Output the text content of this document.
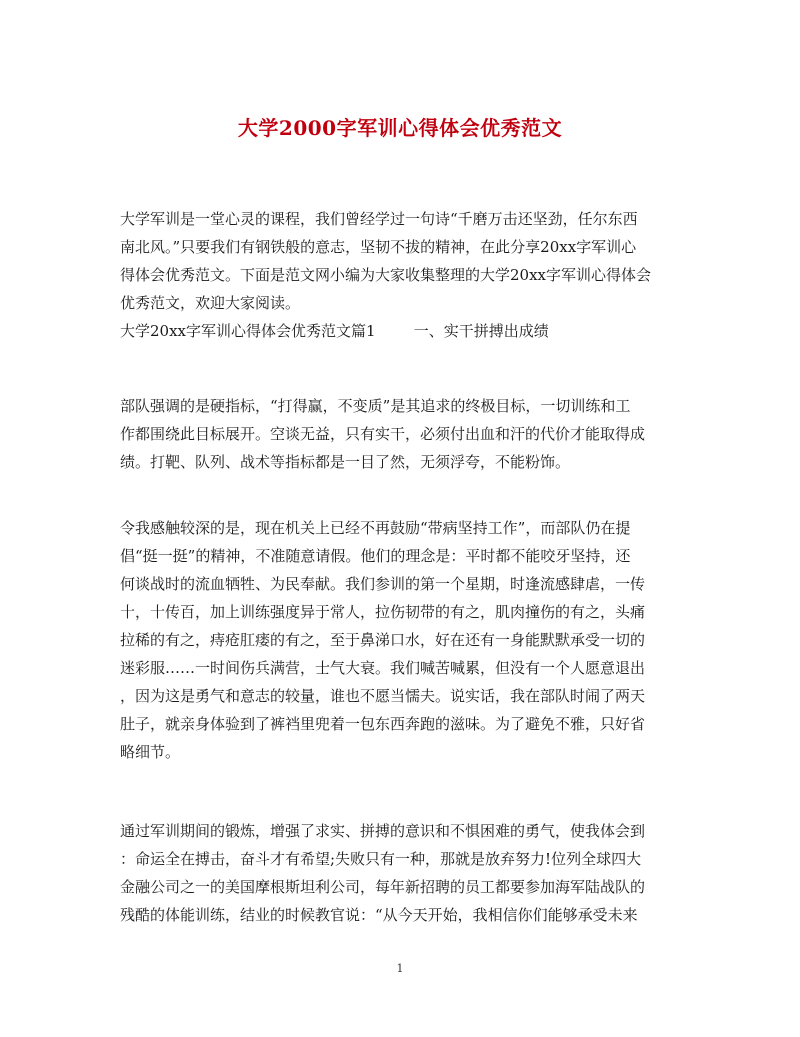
大学2000字军训心得体会优秀范文
大学军训是一堂心灵的课程，我们曾经学过一句诗“千磨万击还坚劲，任尔东西
南北风。”只要我们有钢铁般的意志，坚韧不拔的精神，在此分享20xx字军训心
得体会优秀范文。下面是范文网小编为大家收集整理的大学20xx字军训心得体会
优秀范文，欢迎大家阅读。
大学20xx字军训心得体会优秀范文篇1        一、实干拼搏出成绩
部队强调的是硬指标，“打得赢，不变质”是其追求的终极目标，一切训练和工
作都围绕此目标展开。空谈无益，只有实干，必须付出血和汗的代价才能取得成
绩。打靶、队列、战术等指标都是一目了然，无须浮夸，不能粉饰。
令我感触较深的是，现在机关上已经不再鼓励“带病坚持工作”，而部队仍在提
倡“挺一挺”的精神，不准随意请假。他们的理念是：平时都不能咬牙坚持，还
何谈战时的流血牺牲、为民奉献。我们参训的第一个星期，时逢流感肆虐，一传
十，十传百，加上训练强度异于常人，拉伤韧带的有之，肌肉撞伤的有之，头痛
拉稀的有之，痔疮肛瘘的有之，至于鼻涕口水，好在还有一身能默默承受一切的
迷彩服……一时间伤兵满营，士气大衰。我们喊苦喊累，但没有一个人愿意退出
，因为这是勇气和意志的较量，谁也不愿当懦夫。说实话，我在部队时闹了两天
肚子，就亲身体验到了裤裆里兜着一包东西奔跑的滋味。为了避免不雅，只好省
略细节。
通过军训期间的锻炼，增强了求实、拼搏的意识和不惧困难的勇气，使我体会到
：命运全在搏击，奋斗才有希望;失败只有一种，那就是放弃努力!位列全球四大
金融公司之一的美国摩根斯坦利公司，每年新招聘的员工都要参加海军陆战队的
残酷的体能训练，结业的时候教官说：“从今天开始，我相信你们能够承受未来
1
